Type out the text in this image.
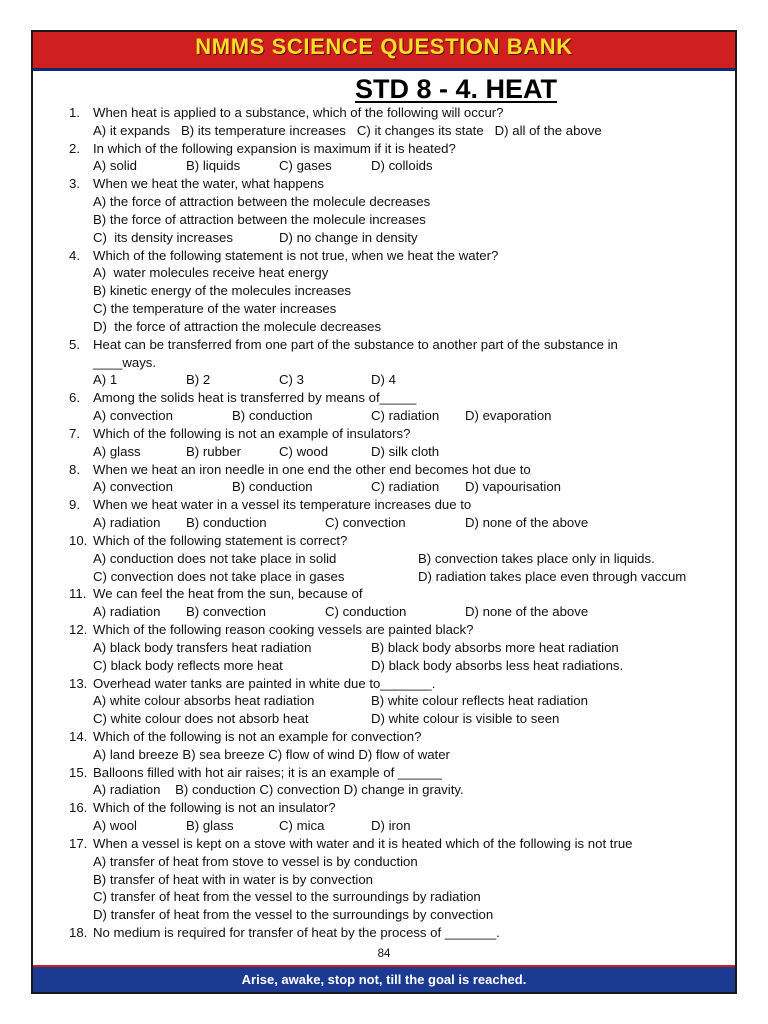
NMMS SCIENCE QUESTION BANK
STD 8 - 4. HEAT
1. When heat is applied to a substance, which of the following will occur?
A) it expands   B) its temperature increases   C) it changes its state   D) all of the above
2. In which of the following expansion is maximum if it is heated?
A) solid	B) liquids	C) gases	D) colloids
3. When we heat the water, what happens
A) the force of attraction between the molecule decreases
B) the force of attraction between the molecule increases
C)  its density increases	D) no change in density
4. Which of the following statement is not true, when we heat the water?
A)  water molecules receive heat energy
B) kinetic energy of the molecules increases
C) the temperature of the water increases
D)  the force of attraction the molecule decreases
5. Heat can be transferred from one part of the substance to another part of the substance in
____ways.
A) 1	B) 2	C) 3	D) 4
6. Among the solids heat is transferred by means of_____
A) convection	B) conduction	C) radiation D) evaporation
7. Which of the following is not an example of insulators?
A) glass	B) rubber	C) wood	D) silk cloth
8. When we heat an iron needle in one end the other end becomes hot due to
A) convection	B) conduction	C) radiation D) vapourisation
9. When we heat water in a vessel its temperature increases due to
A) radiation B) conduction	C) convection	D) none of the above
10. Which of the following statement is correct?
A) conduction does not take place in solid	B) convection takes place only in liquids.
C) convection does not take place in gases	D) radiation takes place even through vaccum
11. We can feel the heat from the sun, because of
A) radiation B) convection	C) conduction	D) none of the above
12. Which of the following reason cooking vessels are painted black?
A) black body transfers heat radiation	B) black body absorbs more heat radiation
C) black body reflects more heat	D) black body absorbs less heat radiations.
13. Overhead water tanks are painted in white due to_______.
A) white colour absorbs heat radiation	B) white colour reflects heat radiation
C) white colour does not absorb heat	D) white colour is visible to seen
14. Which of the following is not an example for convection?
A) land breeze B) sea breeze C) flow of wind D) flow of water
15. Balloons filled with hot air raises; it is an example of ______
A) radiation    B) conduction C) convection D) change in gravity.
16. Which of the following is not an insulator?
A) wool	B) glass	C) mica	D) iron
17. When a vessel is kept on a stove with water and it is heated which of the following is not true
A) transfer of heat from stove to vessel is by conduction
B) transfer of heat with in water is by convection
C) transfer of heat from the vessel to the surroundings by radiation
D) transfer of heat from the vessel to the surroundings by convection
18. No medium is required for transfer of heat by the process of _______.
84
Arise, awake, stop not, till the goal is reached.
